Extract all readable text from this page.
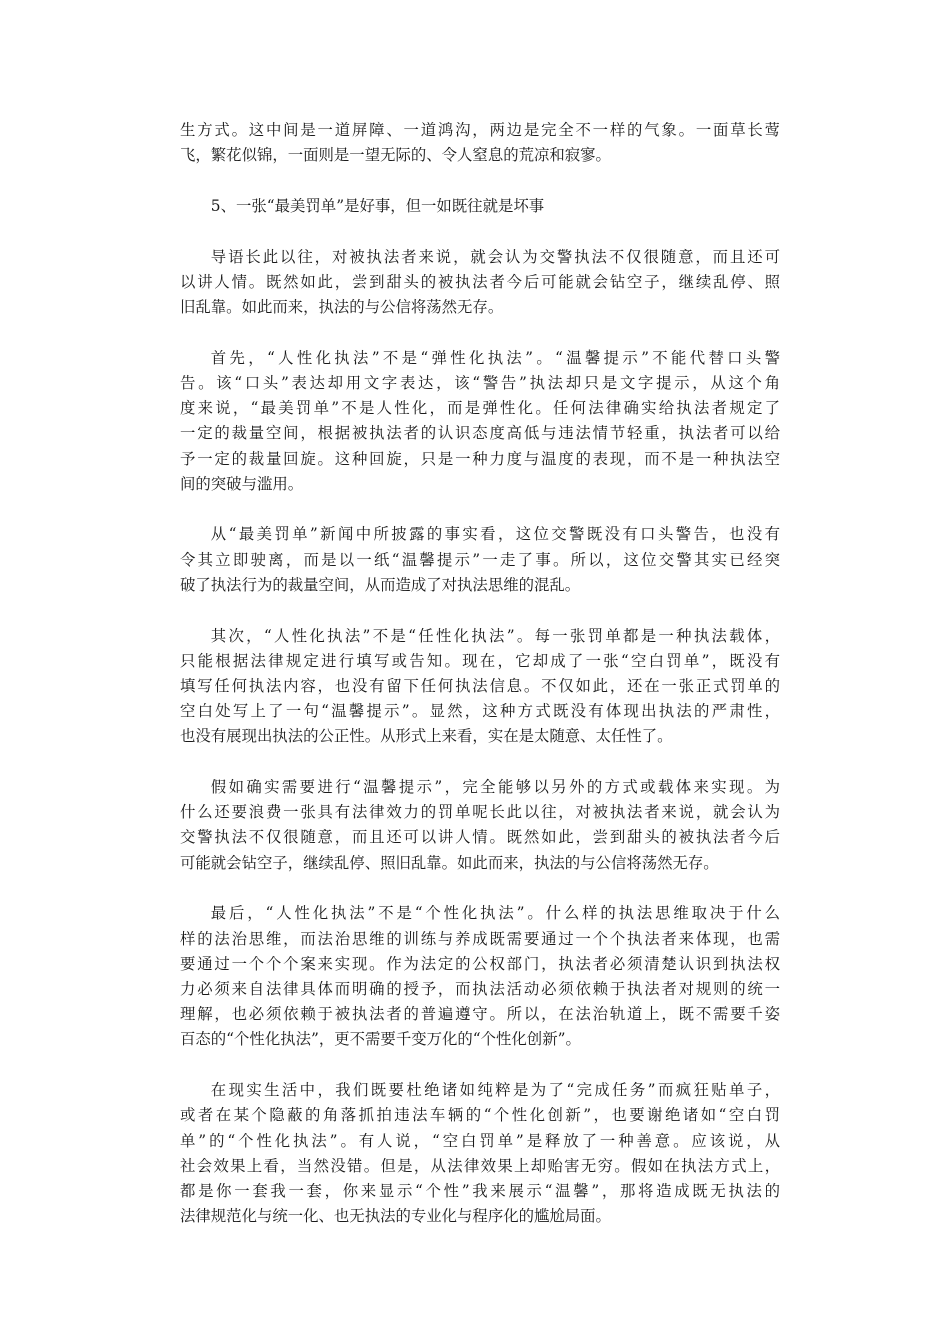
生方式。这中间是一道屏障、一道鸿沟，两边是完全不一样的气象。一面草长莺
飞，繁花似锦，一面则是一望无际的、令人窒息的荒凉和寂寥。
5、一张“最美罚单”是好事，但一如既往就是坏事
导语长此以往，对被执法者来说，就会认为交警执法不仅很随意，而且还可
以讲人情。既然如此，尝到甜头的被执法者今后可能就会钻空子，继续乱停、照
旧乱靠。如此而来，执法的与公信将荡然无存。
首先，“人性化执法”不是“弹性化执法”。“温馨提示”不能代替口头警
告。该“口头”表达却用文字表达，该“警告”执法却只是文字提示，从这个角
度来说，“最美罚单”不是人性化，而是弹性化。任何法律确实给执法者规定了
一定的裁量空间，根据被执法者的认识态度高低与违法情节轻重，执法者可以给
予一定的裁量回旋。这种回旋，只是一种力度与温度的表现，而不是一种执法空
间的突破与滥用。
从“最美罚单”新闻中所披露的事实看，这位交警既没有口头警告，也没有
令其立即驶离，而是以一纸“温馨提示”一走了事。所以，这位交警其实已经突
破了执法行为的裁量空间，从而造成了对执法思维的混乱。
其次，“人性化执法”不是“任性化执法”。每一张罚单都是一种执法载体，
只能根据法律规定进行填写或告知。现在，它却成了一张“空白罚单”，既没有
填写任何执法内容，也没有留下任何执法信息。不仅如此，还在一张正式罚单的
空白处写上了一句“温馨提示”。显然，这种方式既没有体现出执法的严肃性，
也没有展现出执法的公正性。从形式上来看，实在是太随意、太任性了。
假如确实需要进行“温馨提示”，完全能够以另外的方式或载体来实现。为
什么还要浪费一张具有法律效力的罚单呢长此以往，对被执法者来说，就会认为
交警执法不仅很随意，而且还可以讲人情。既然如此，尝到甜头的被执法者今后
可能就会钻空子，继续乱停、照旧乱靠。如此而来，执法的与公信将荡然无存。
最后，“人性化执法”不是“个性化执法”。什么样的执法思维取决于什么
样的法治思维，而法治思维的训练与养成既需要通过一个个执法者来体现，也需
要通过一个个个案来实现。作为法定的公权部门，执法者必须清楚认识到执法权
力必须来自法律具体而明确的授予，而执法活动必须依赖于执法者对规则的统一
理解，也必须依赖于被执法者的普遍遵守。所以，在法治轨道上，既不需要千姿
百态的“个性化执法”，更不需要千变万化的“个性化创新”。
在现实生活中，我们既要杜绝诸如纯粹是为了“完成任务”而疯狂贴单子，
或者在某个隐蔽的角落抓拍违法车辆的“个性化创新”，也要谢绝诸如“空白罚
单”的“个性化执法”。有人说，“空白罚单”是释放了一种善意。应该说，从
社会效果上看，当然没错。但是，从法律效果上却贻害无穷。假如在执法方式上，
都是你一套我一套，你来显示“个性”我来展示“温馨”，那将造成既无执法的
法律规范化与统一化、也无执法的专业化与程序化的尴尬局面。
